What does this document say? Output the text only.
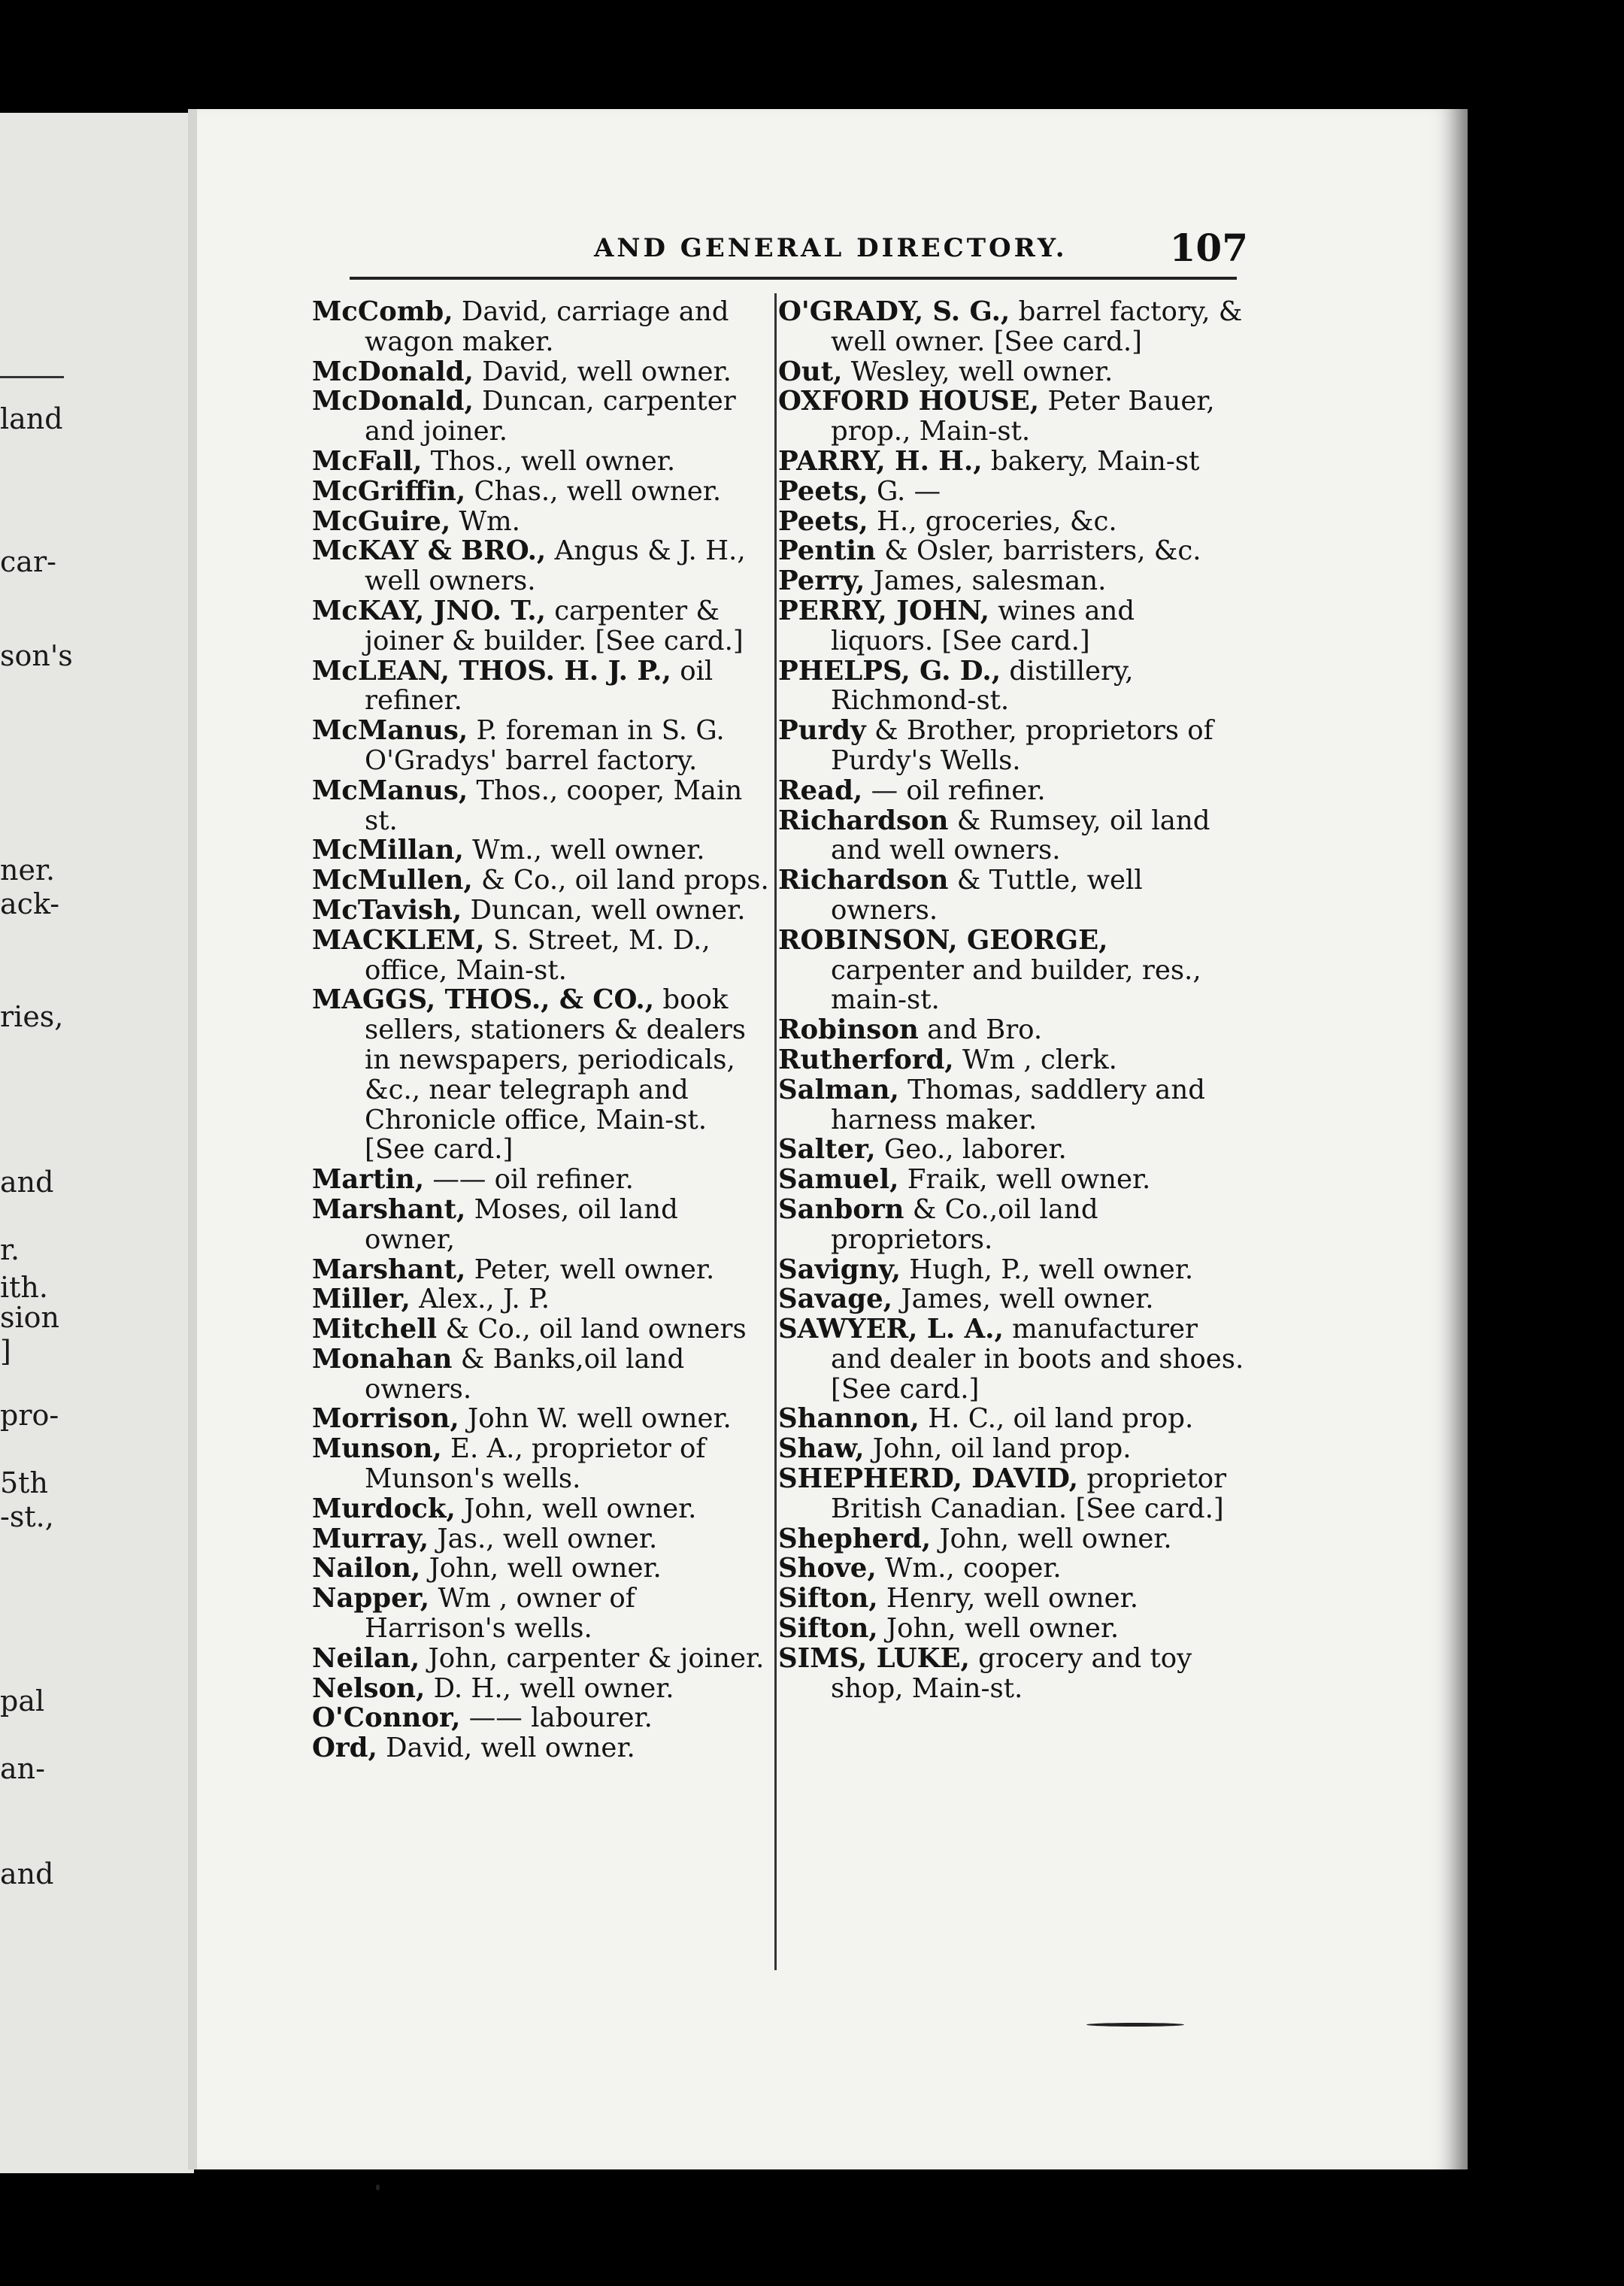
land
car-
son's
ner.
ack-
ries,
and
r.
ith.
sion
]
pro-
5th
-st.,
pal
an-
and
AND GENERAL DIRECTORY.	107

McComb, David, carriage and wagon maker.

McDonald, David, well owner.

McDonald, Duncan, carpenter and joiner.

McFall, Thos., well owner.

McGriffin, Chas., well owner.

McGuire, Wm.

McKAY & BRO., Angus & J. H., well owners.

McKAY, JNO. T., carpenter & joiner & builder. [See card.]

McLEAN, THOS. H. J. P., oil refiner.

McManus, P. foreman in S. G. O'Gradys' barrel factory.

McManus, Thos., cooper, Main st.

McMillan, Wm., well owner.

McMullen, & Co., oil land props.

McTavish, Duncan, well owner.

MACKLEM, S. Street, M. D., office, Main-st.

MAGGS, THOS., & CO., book sellers, stationers & dealers in newspapers, periodicals, &c., near telegraph and Chronicle office, Main-st. [See card.]

Martin, —— oil refiner.

Marshant, Moses, oil land owner,

Marshant, Peter, well owner.

Miller, Alex., J. P.

Mitchell & Co., oil land owners

Monahan & Banks,oil land owners.

Morrison, John W. well owner.

Munson, E. A., proprietor of Munson's wells.

Murdock, John, well owner.

Murray, Jas., well owner.

Nailon, John, well owner.

Napper, Wm , owner of Harrison's wells.

Neilan, John, carpenter & joiner.

Nelson, D. H., well owner.

O'Connor, —— labourer.

Ord, David, well owner.

O'GRADY, S. G., barrel factory, & well owner. [See card.]

Out, Wesley, well owner.

OXFORD HOUSE, Peter Bauer, prop., Main-st.

PARRY, H. H., bakery, Main-st

Peets, G. —

Peets, H., groceries, &c.

Pentin & Osler, barristers, &c.

Perry, James, salesman.

PERRY, JOHN, wines and liquors. [See card.]

PHELPS, G. D., distillery, Richmond-st.

Purdy & Brother, proprietors of Purdy's Wells.

Read, — oil refiner.

Richardson & Rumsey, oil land and well owners.

Richardson & Tuttle, well owners.

ROBINSON, GEORGE, carpenter and builder, res., main-st.

Robinson and Bro.

Rutherford, Wm , clerk.

Salman, Thomas, saddlery and harness maker.

Salter, Geo., laborer.

Samuel, Fraik, well owner.

Sanborn & Co.,oil land proprietors.

Savigny, Hugh, P., well owner.

Savage, James, well owner.

SAWYER, L. A., manufacturer and dealer in boots and shoes. [See card.]

Shannon, H. C., oil land prop.

Shaw, John, oil land prop.

SHEPHERD, DAVID, proprietor British Canadian. [See card.]

Shepherd, John, well owner.

Shove, Wm., cooper.

Sifton, Henry, well owner.

Sifton, John, well owner.

SIMS, LUKE, grocery and toy shop, Main-st.
